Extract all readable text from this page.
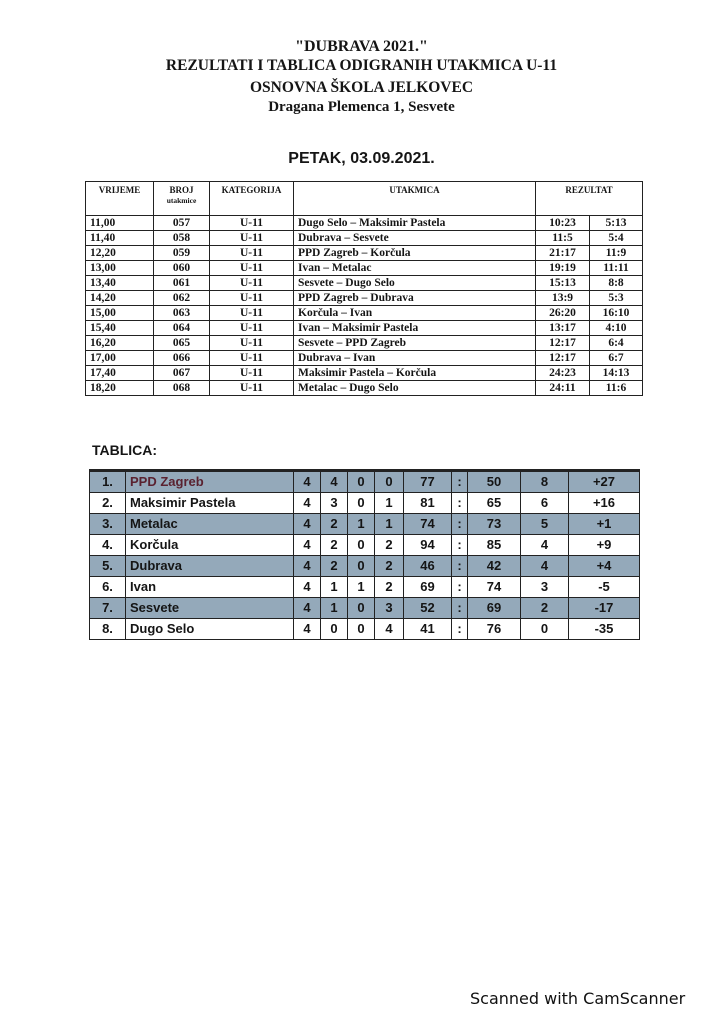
"DUBRAVA 2021."
REZULTATI I TABLICA ODIGRANIH UTAKMICA U-11
OSNOVNA ŠKOLA JELKOVEC
Dragana Plemenca 1, Sesvete
PETAK, 03.09.2021.
VRIJEME	BROJ
utakmice	KATEGORIJA	UTAKMICA	REZULTAT	
11,00	057	U-11	Dugo Selo – Maksimir Pastela	10:23	5:13
11,40	058	U-11	Dubrava – Sesvete	11:5	5:4
12,20	059	U-11	PPD Zagreb – Korčula	21:17	11:9
13,00	060	U-11	Ivan – Metalac	19:19	11:11
13,40	061	U-11	Sesvete – Dugo Selo	15:13	8:8
14,20	062	U-11	PPD Zagreb – Dubrava	13:9	5:3
15,00	063	U-11	Korčula – Ivan	26:20	16:10
15,40	064	U-11	Ivan – Maksimir Pastela	13:17	4:10
16,20	065	U-11	Sesvete – PPD Zagreb	12:17	6:4
17,00	066	U-11	Dubrava – Ivan	12:17	6:7
17,40	067	U-11	Maksimir Pastela – Korčula	24:23	14:13
18,20	068	U-11	Metalac – Dugo Selo	24:11	11:6
TABLICA:
1.	PPD Zagreb	4	4	0	0	77	:	50	8	+27
2.	Maksimir Pastela	4	3	0	1	81	:	65	6	+16
3.	Metalac	4	2	1	1	74	:	73	5	+1
4.	Korčula	4	2	0	2	94	:	85	4	+9
5.	Dubrava	4	2	0	2	46	:	42	4	+4
6.	Ivan	4	1	1	2	69	:	74	3	-5
7.	Sesvete	4	1	0	3	52	:	69	2	-17
8.	Dugo Selo	4	0	0	4	41	:	76	0	-35
Scanned with CamScanner
